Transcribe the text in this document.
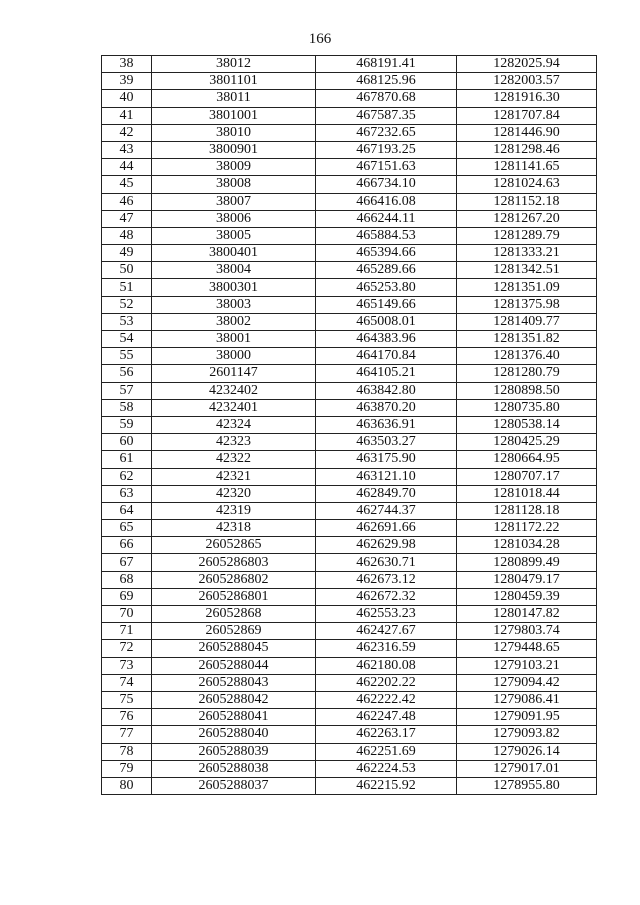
166
38	38012	468191.41	1282025.94
39	3801101	468125.96	1282003.57
40	38011	467870.68	1281916.30
41	3801001	467587.35	1281707.84
42	38010	467232.65	1281446.90
43	3800901	467193.25	1281298.46
44	38009	467151.63	1281141.65
45	38008	466734.10	1281024.63
46	38007	466416.08	1281152.18
47	38006	466244.11	1281267.20
48	38005	465884.53	1281289.79
49	3800401	465394.66	1281333.21
50	38004	465289.66	1281342.51
51	3800301	465253.80	1281351.09
52	38003	465149.66	1281375.98
53	38002	465008.01	1281409.77
54	38001	464383.96	1281351.82
55	38000	464170.84	1281376.40
56	2601147	464105.21	1281280.79
57	4232402	463842.80	1280898.50
58	4232401	463870.20	1280735.80
59	42324	463636.91	1280538.14
60	42323	463503.27	1280425.29
61	42322	463175.90	1280664.95
62	42321	463121.10	1280707.17
63	42320	462849.70	1281018.44
64	42319	462744.37	1281128.18
65	42318	462691.66	1281172.22
66	26052865	462629.98	1281034.28
67	2605286803	462630.71	1280899.49
68	2605286802	462673.12	1280479.17
69	2605286801	462672.32	1280459.39
70	26052868	462553.23	1280147.82
71	26052869	462427.67	1279803.74
72	2605288045	462316.59	1279448.65
73	2605288044	462180.08	1279103.21
74	2605288043	462202.22	1279094.42
75	2605288042	462222.42	1279086.41
76	2605288041	462247.48	1279091.95
77	2605288040	462263.17	1279093.82
78	2605288039	462251.69	1279026.14
79	2605288038	462224.53	1279017.01
80	2605288037	462215.92	1278955.80
